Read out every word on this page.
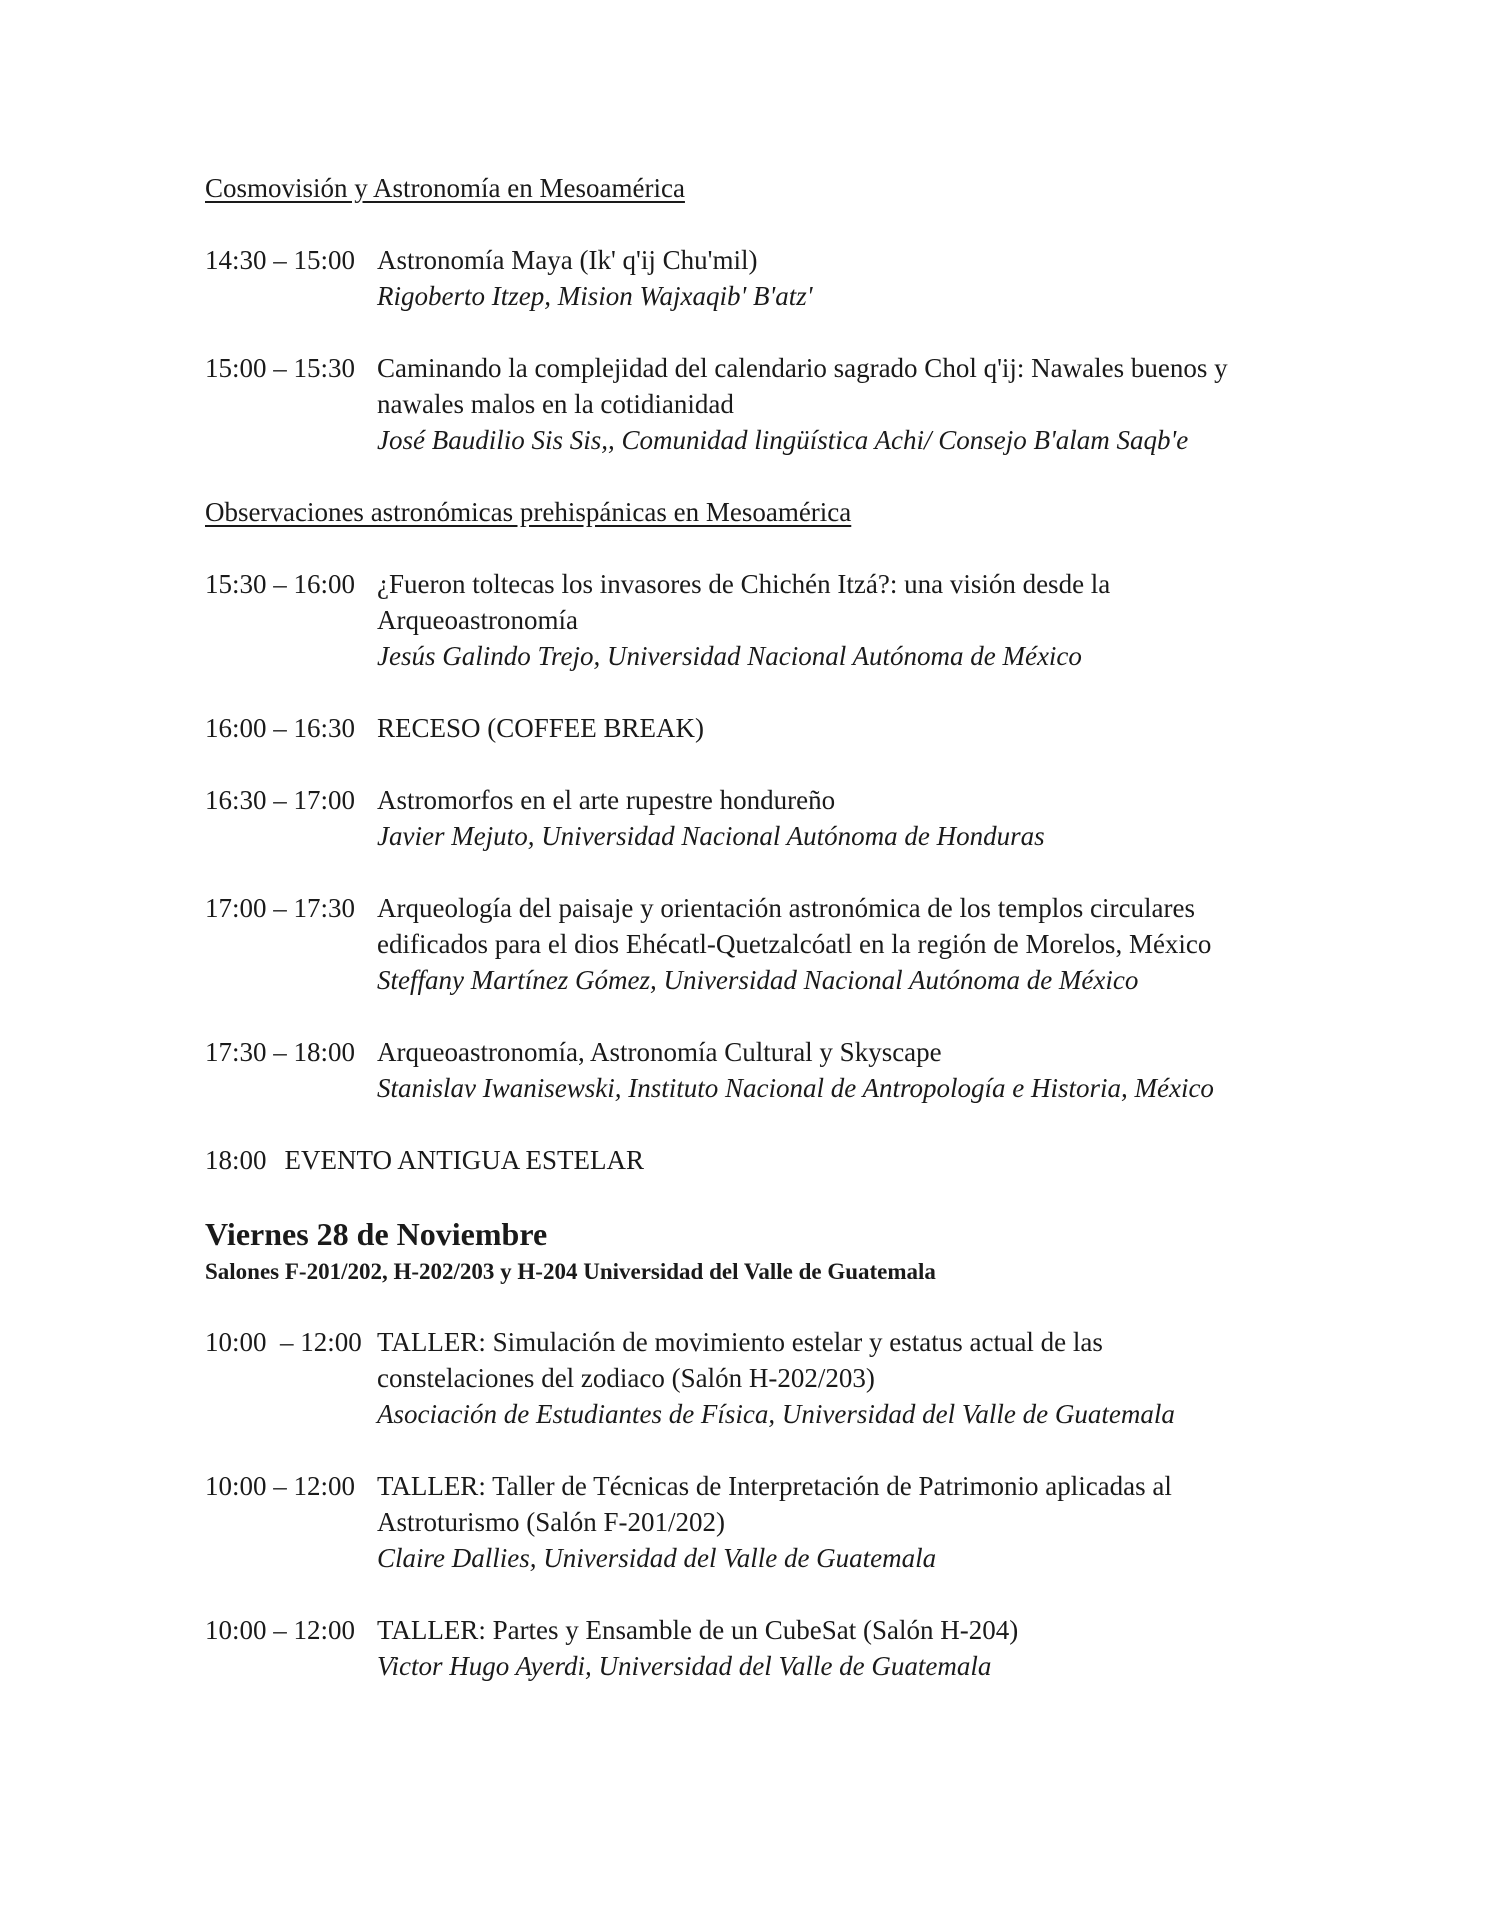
Cosmovisión y Astronomía en Mesoamérica
14:30 – 15:00 Astronomía Maya (Ik' q'ij Chu'mil)
Rigoberto Itzep, Mision Wajxaqib' B'atz'
15:00 – 15:30 Caminando la complejidad del calendario sagrado Chol q'ij: Nawales buenos y
nawales malos en la cotidianidad
José Baudilio Sis Sis,, Comunidad lingüística Achi/ Consejo B'alam Saqb'e
Observaciones astronómicas prehispánicas en Mesoamérica
15:30 – 16:00 ¿Fueron toltecas los invasores de Chichén Itzá?: una visión desde la
Arqueoastronomía
Jesús Galindo Trejo, Universidad Nacional Autónoma de México
16:00 – 16:30 RECESO (COFFEE BREAK)
16:30 – 17:00 Astromorfos en el arte rupestre hondureño
Javier Mejuto, Universidad Nacional Autónoma de Honduras
17:00 – 17:30 Arqueología del paisaje y orientación astronómica de los templos circulares
edificados para el dios Ehécatl-Quetzalcóatl en la región de Morelos, México
Steffany Martínez Gómez, Universidad Nacional Autónoma de México
17:30 – 18:00 Arqueoastronomía, Astronomía Cultural y Skyscape
Stanislav Iwanisewski, Instituto Nacional de Antropología e Historia, México
18:00 EVENTO ANTIGUA ESTELAR
Viernes 28 de Noviembre
Salones F-201/202, H-202/203 y H-204 Universidad del Valle de Guatemala
10:00  – 12:00 TALLER: Simulación de movimiento estelar y estatus actual de las
constelaciones del zodiaco (Salón H-202/203)
Asociación de Estudiantes de Física, Universidad del Valle de Guatemala
10:00 – 12:00 TALLER: Taller de Técnicas de Interpretación de Patrimonio aplicadas al
Astroturismo (Salón F-201/202)
Claire Dallies, Universidad del Valle de Guatemala
10:00 – 12:00 TALLER: Partes y Ensamble de un CubeSat (Salón H-204)
Victor Hugo Ayerdi, Universidad del Valle de Guatemala
